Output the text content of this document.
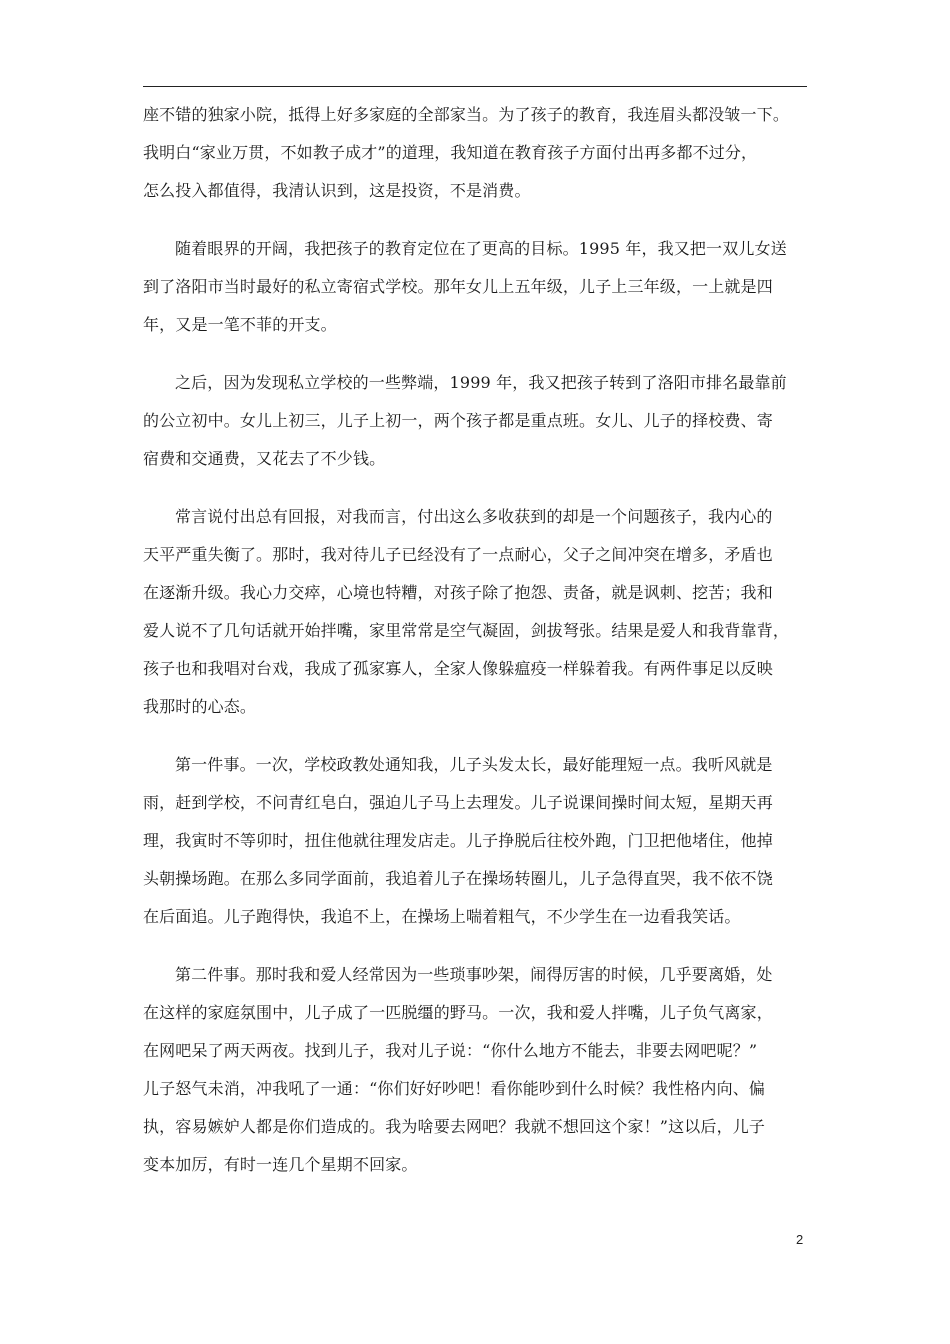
座不错的独家小院，抵得上好多家庭的全部家当。为了孩子的教育，我连眉头都没皱一下。
我明白“家业万贯，不如教子成才”的道理，我知道在教育孩子方面付出再多都不过分，
怎么投入都值得，我清认识到，这是投资，不是消费。

随着眼界的开阔，我把孩子的教育定位在了更高的目标。1995 年，我又把一双儿女送
到了洛阳市当时最好的私立寄宿式学校。那年女儿上五年级，儿子上三年级，一上就是四
年，又是一笔不菲的开支。

之后，因为发现私立学校的一些弊端，1999 年，我又把孩子转到了洛阳市排名最靠前
的公立初中。女儿上初三，儿子上初一，两个孩子都是重点班。女儿、儿子的择校费、寄
宿费和交通费，又花去了不少钱。

常言说付出总有回报，对我而言，付出这么多收获到的却是一个问题孩子，我内心的
天平严重失衡了。那时，我对待儿子已经没有了一点耐心，父子之间冲突在增多，矛盾也
在逐渐升级。我心力交瘁，心境也特糟，对孩子除了抱怨、责备，就是讽刺、挖苦；我和
爱人说不了几句话就开始拌嘴，家里常常是空气凝固，剑拔弩张。结果是爱人和我背靠背，
孩子也和我唱对台戏，我成了孤家寡人，全家人像躲瘟疫一样躲着我。有两件事足以反映
我那时的心态。

第一件事。一次，学校政教处通知我，儿子头发太长，最好能理短一点。我听风就是
雨，赶到学校，不问青红皂白，强迫儿子马上去理发。儿子说课间操时间太短，星期天再
理，我寅时不等卯时，扭住他就往理发店走。儿子挣脱后往校外跑，门卫把他堵住，他掉
头朝操场跑。在那么多同学面前，我追着儿子在操场转圈儿，儿子急得直哭，我不依不饶
在后面追。儿子跑得快，我追不上，在操场上喘着粗气，不少学生在一边看我笑话。

第二件事。那时我和爱人经常因为一些琐事吵架，闹得厉害的时候，几乎要离婚，处
在这样的家庭氛围中，儿子成了一匹脱缰的野马。一次，我和爱人拌嘴，儿子负气离家，
在网吧呆了两天两夜。找到儿子，我对儿子说：“你什么地方不能去，非要去网吧呢？”
儿子怒气未消，冲我吼了一通：“你们好好吵吧！看你能吵到什么时候？我性格内向、偏
执，容易嫉妒人都是你们造成的。我为啥要去网吧？我就不想回这个家！”这以后，儿子
变本加厉，有时一连几个星期不回家。

2
